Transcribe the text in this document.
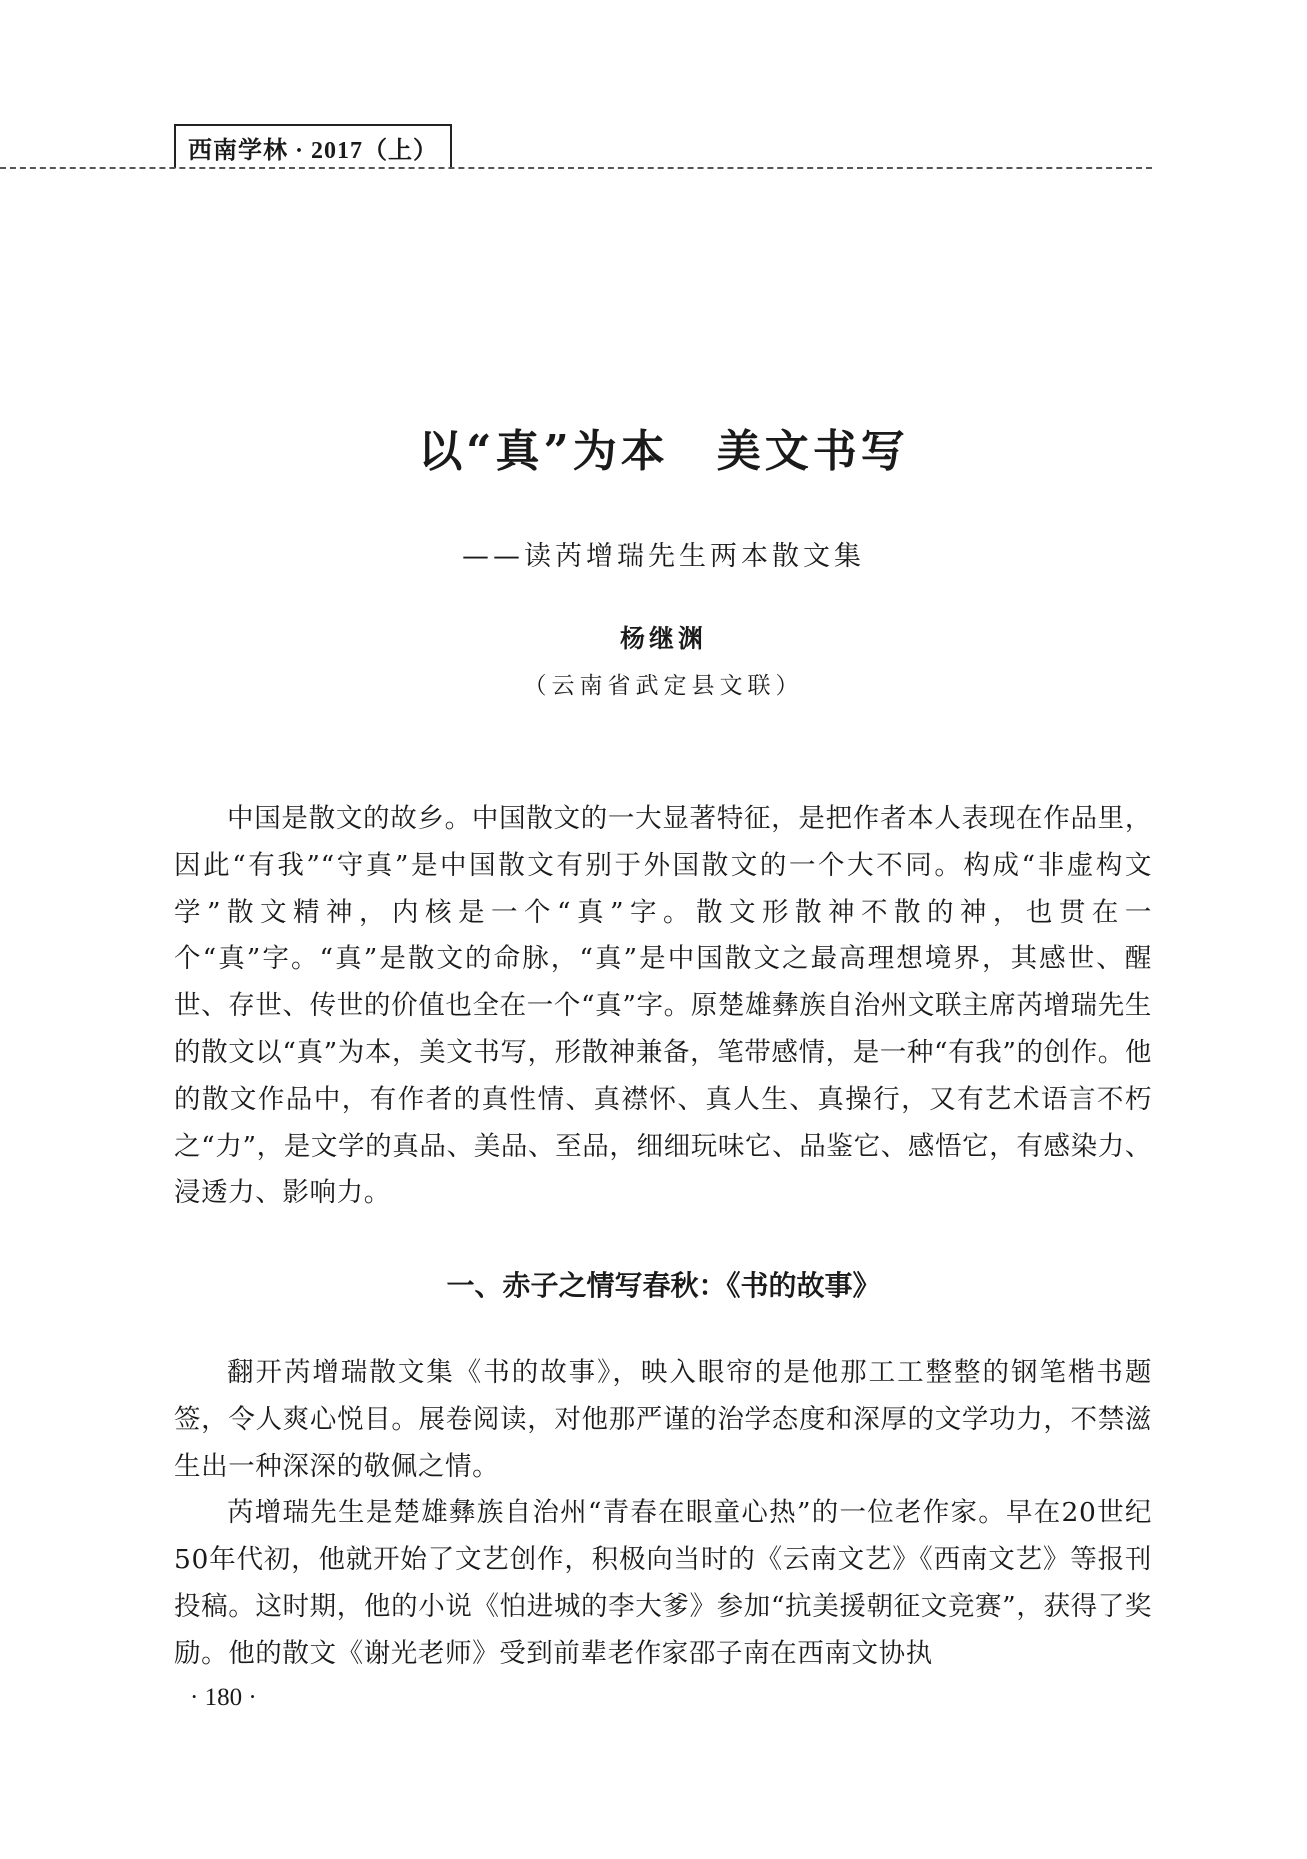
西南学林 · 2017（上）
以“真”为本　美文书写
——读芮增瑞先生两本散文集
杨继渊
（云南省武定县文联）

中国是散文的故乡。中国散文的一大显著特征，是把作者本人表现在作品里，因此“有我”“守真”是中国散文有别于外国散文的一个大不同。构成“非虚构文学”散文精神，内核是一个“真”字。散文形散神不散的神，也贯在一个“真”字。“真”是散文的命脉，“真”是中国散文之最高理想境界，其感世、醒世、存世、传世的价值也全在一个“真”字。原楚雄彝族自治州文联主席芮增瑞先生的散文以“真”为本，美文书写，形散神兼备，笔带感情，是一种“有我”的创作。他的散文作品中，有作者的真性情、真襟怀、真人生、真操行，又有艺术语言不朽之“力”，是文学的真品、美品、至品，细细玩味它、品鉴它、感悟它，有感染力、浸透力、影响力。

一、赤子之情写春秋：《书的故事》

翻开芮增瑞散文集《书的故事》，映入眼帘的是他那工工整整的钢笔楷书题签，令人爽心悦目。展卷阅读，对他那严谨的治学态度和深厚的文学功力，不禁滋生出一种深深的敬佩之情。

芮增瑞先生是楚雄彝族自治州“青春在眼童心热”的一位老作家。早在20世纪50年代初，他就开始了文艺创作，积极向当时的《云南文艺》《西南文艺》等报刊投稿。这时期，他的小说《怕进城的李大爹》参加“抗美援朝征文竞赛”，获得了奖励。他的散文《谢光老师》受到前辈老作家邵子南在西南文协执

· 180 ·
